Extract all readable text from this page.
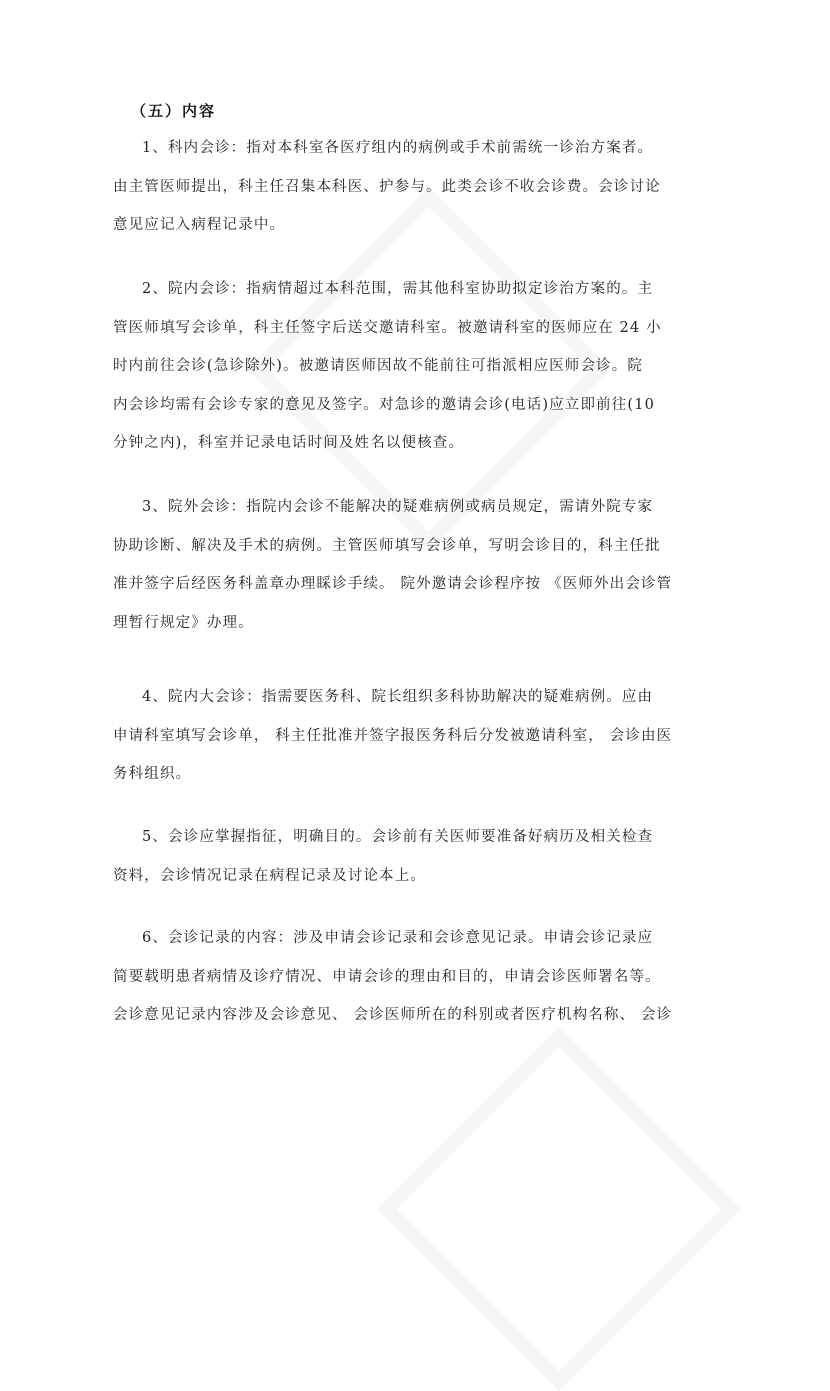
（五）内容
1、科内会诊：指对本科室各医疗组内的病例或手术前需统一诊治方案者。
由主管医师提出，科主任召集本科医、护参与。此类会诊不收会诊费。会诊讨论
意见应记入病程记录中。
2、院内会诊：指病情超过本科范围，需其他科室协助拟定诊治方案的。主
管医师填写会诊单，科主任签字后送交邀请科室。被邀请科室的医师应在 24 小
时内前往会诊(急诊除外)。被邀请医师因故不能前往可指派相应医师会诊。院
内会诊均需有会诊专家的意见及签字。对急诊的邀请会诊(电话)应立即前往(10
分钟之内)，科室并记录电话时间及姓名以便核查。
3、院外会诊：指院内会诊不能解决的疑难病例或病员规定，需请外院专家
协助诊断、解决及手术的病例。主管医师填写会诊单，写明会诊目的，科主任批
准并签字后经医务科盖章办理睬诊手续。 院外邀请会诊程序按 《医师外出会诊管
理暂行规定》办理。
4、院内大会诊：指需要医务科、院长组织多科协助解决的疑难病例。应由
申请科室填写会诊单， 科主任批准并签字报医务科后分发被邀请科室， 会诊由医
务科组织。
5、会诊应掌握指征，明确目的。会诊前有关医师要准备好病历及相关检查
资料，会诊情况记录在病程记录及讨论本上。
6、会诊记录的内容：涉及申请会诊记录和会诊意见记录。申请会诊记录应
简要载明患者病情及诊疗情况、申请会诊的理由和目的，申请会诊医师署名等。
会诊意见记录内容涉及会诊意见、 会诊医师所在的科别或者医疗机构名称、 会诊
